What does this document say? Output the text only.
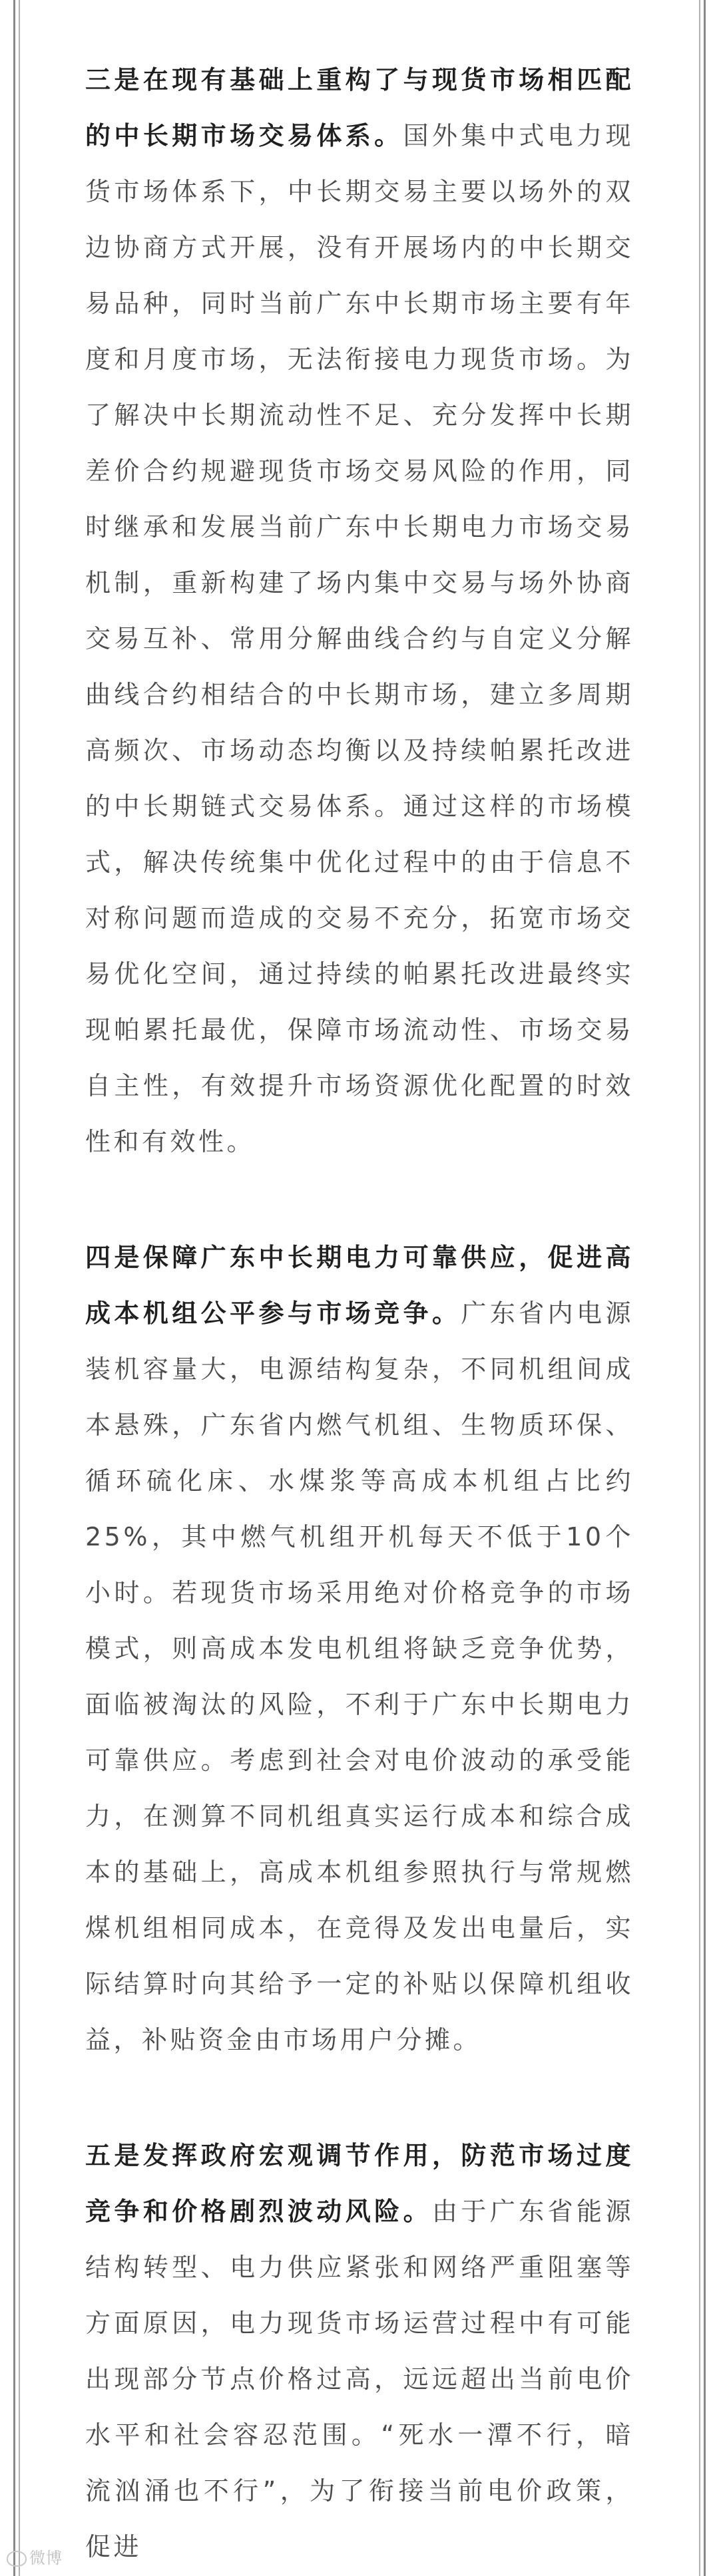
三是在现有基础上重构了与现货市场相匹配的中长期市场交易体系。国外集中式电力现货市场体系下，中长期交易主要以场外的双边协商方式开展，没有开展场内的中长期交易品种，同时当前广东中长期市场主要有年度和月度市场，无法衔接电力现货市场。为了解决中长期流动性不足、充分发挥中长期差价合约规避现货市场交易风险的作用，同时继承和发展当前广东中长期电力市场交易机制，重新构建了场内集中交易与场外协商交易互补、常用分解曲线合约与自定义分解曲线合约相结合的中长期市场，建立多周期高频次、市场动态均衡以及持续帕累托改进的中长期链式交易体系。通过这样的市场模式，解决传统集中优化过程中的由于信息不对称问题而造成的交易不充分，拓宽市场交易优化空间，通过持续的帕累托改进最终实现帕累托最优，保障市场流动性、市场交易自主性，有效提升市场资源优化配置的时效性和有效性。

四是保障广东中长期电力可靠供应，促进高成本机组公平参与市场竞争。广东省内电源装机容量大，电源结构复杂，不同机组间成本悬殊，广东省内燃气机组、生物质环保、循环硫化床、水煤浆等高成本机组占比约25%，其中燃气机组开机每天不低于10个小时。若现货市场采用绝对价格竞争的市场模式，则高成本发电机组将缺乏竞争优势，面临被淘汰的风险，不利于广东中长期电力可靠供应。考虑到社会对电价波动的承受能力，在测算不同机组真实运行成本和综合成本的基础上，高成本机组参照执行与常规燃煤机组相同成本，在竞得及发出电量后，实际结算时向其给予一定的补贴以保障机组收益，补贴资金由市场用户分摊。

五是发挥政府宏观调节作用，防范市场过度竞争和价格剧烈波动风险。由于广东省能源结构转型、电力供应紧张和网络严重阻塞等方面原因，电力现货市场运营过程中有可能出现部分节点价格过高，远远超出当前电价水平和社会容忍范围。“死水一潭不行，暗流汹涌也不行”，为了衔接当前电价政策，促进

微博
